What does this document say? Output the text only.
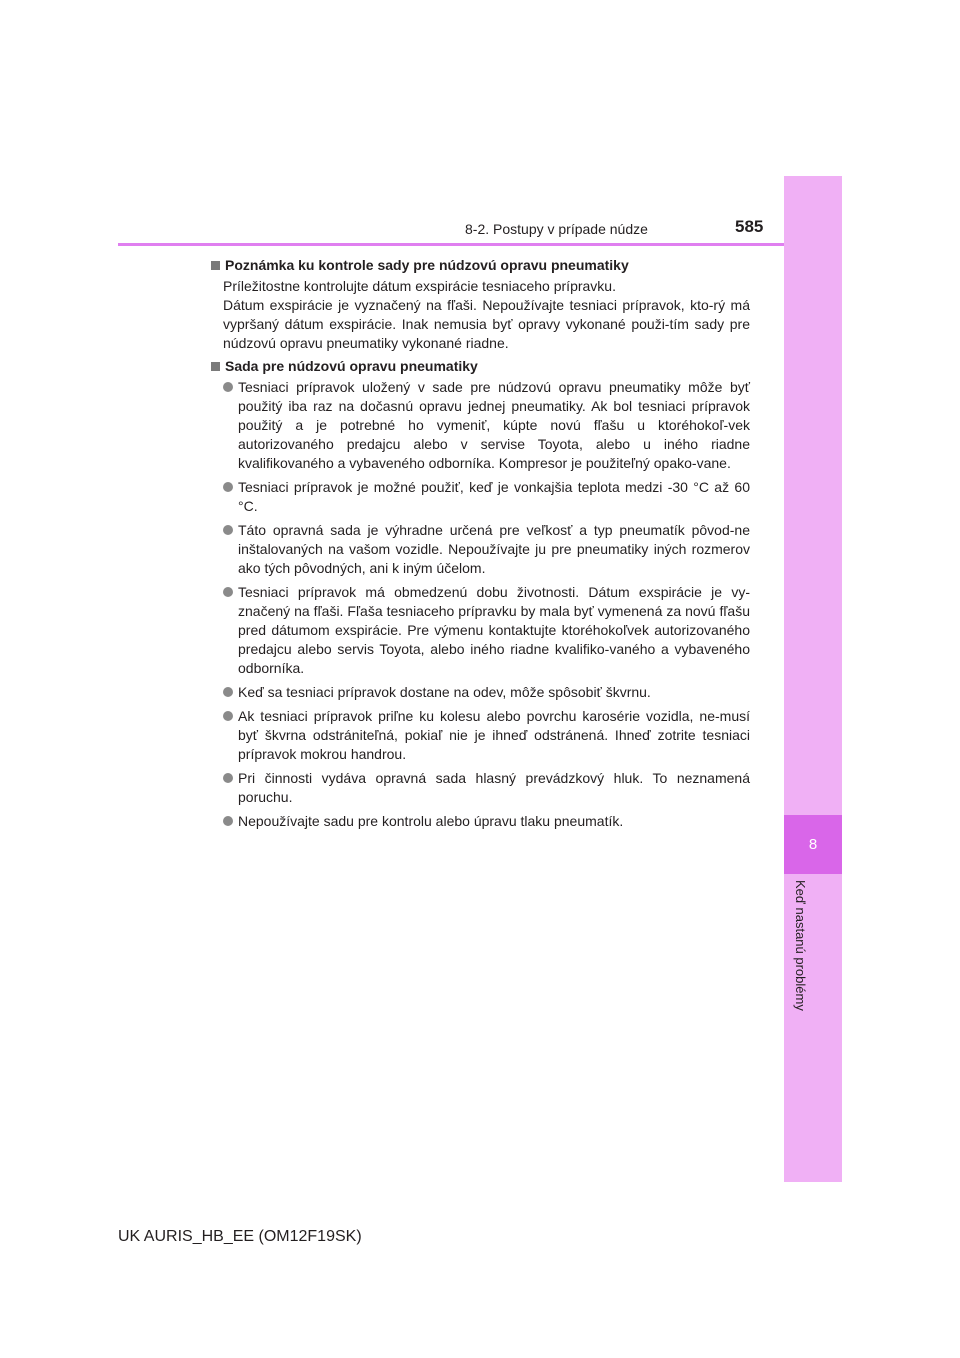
8
Keď nastanú problémy
8-2. Postupy v prípade núdze	585
Poznámka ku kontrole sady pre núdzovú opravu pneumatiky

Príležitostne kontrolujte dátum exspirácie tesniaceho prípravku.

Dátum exspirácie je vyznačený na fľaši. Nepoužívajte tesniaci prípravok, kto-rý má vypršaný dátum exspirácie. Inak nemusia byť opravy vykonané použi-tím sady pre núdzovú opravu pneumatiky vykonané riadne.

Sada pre núdzovú opravu pneumatiky
Tesniaci prípravok uložený v sade pre núdzovú opravu pneumatiky môže byť použitý iba raz na dočasnú opravu jednej pneumatiky. Ak bol tesniaci prípravok použitý a je potrebné ho vymeniť, kúpte novú fľašu u ktoréhokoľ-vek autorizovaného predajcu alebo v servise Toyota, alebo u iného riadne kvalifikovaného a vybaveného odborníka. Kompresor je použiteľný opako-vane.
Tesniaci prípravok je možné použiť, keď je vonkajšia teplota medzi -30 °C až 60 °C.
Táto opravná sada je výhradne určená pre veľkosť a typ pneumatík pôvod-ne inštalovaných na vašom vozidle. Nepoužívajte ju pre pneumatiky iných rozmerov ako tých pôvodných, ani k iným účelom.
Tesniaci prípravok má obmedzenú dobu životnosti. Dátum exspirácie je vy-značený na fľaši. Fľaša tesniaceho prípravku by mala byť vymenená za novú fľašu pred dátumom exspirácie. Pre výmenu kontaktujte ktoréhokoľvek autorizovaného predajcu alebo servis Toyota, alebo iného riadne kvalifiko-vaného a vybaveného odborníka.
Keď sa tesniaci prípravok dostane na odev, môže spôsobiť škvrnu.
Ak tesniaci prípravok priľne ku kolesu alebo povrchu karosérie vozidla, ne-musí byť škvrna odstrániteľná, pokiaľ nie je ihneď odstránená. Ihneď zotrite tesniaci prípravok mokrou handrou.
Pri činnosti vydáva opravná sada hlasný prevádzkový hluk. To neznamená poruchu.
Nepoužívajte sadu pre kontrolu alebo úpravu tlaku pneumatík.
UK AURIS_HB_EE (OM12F19SK)
